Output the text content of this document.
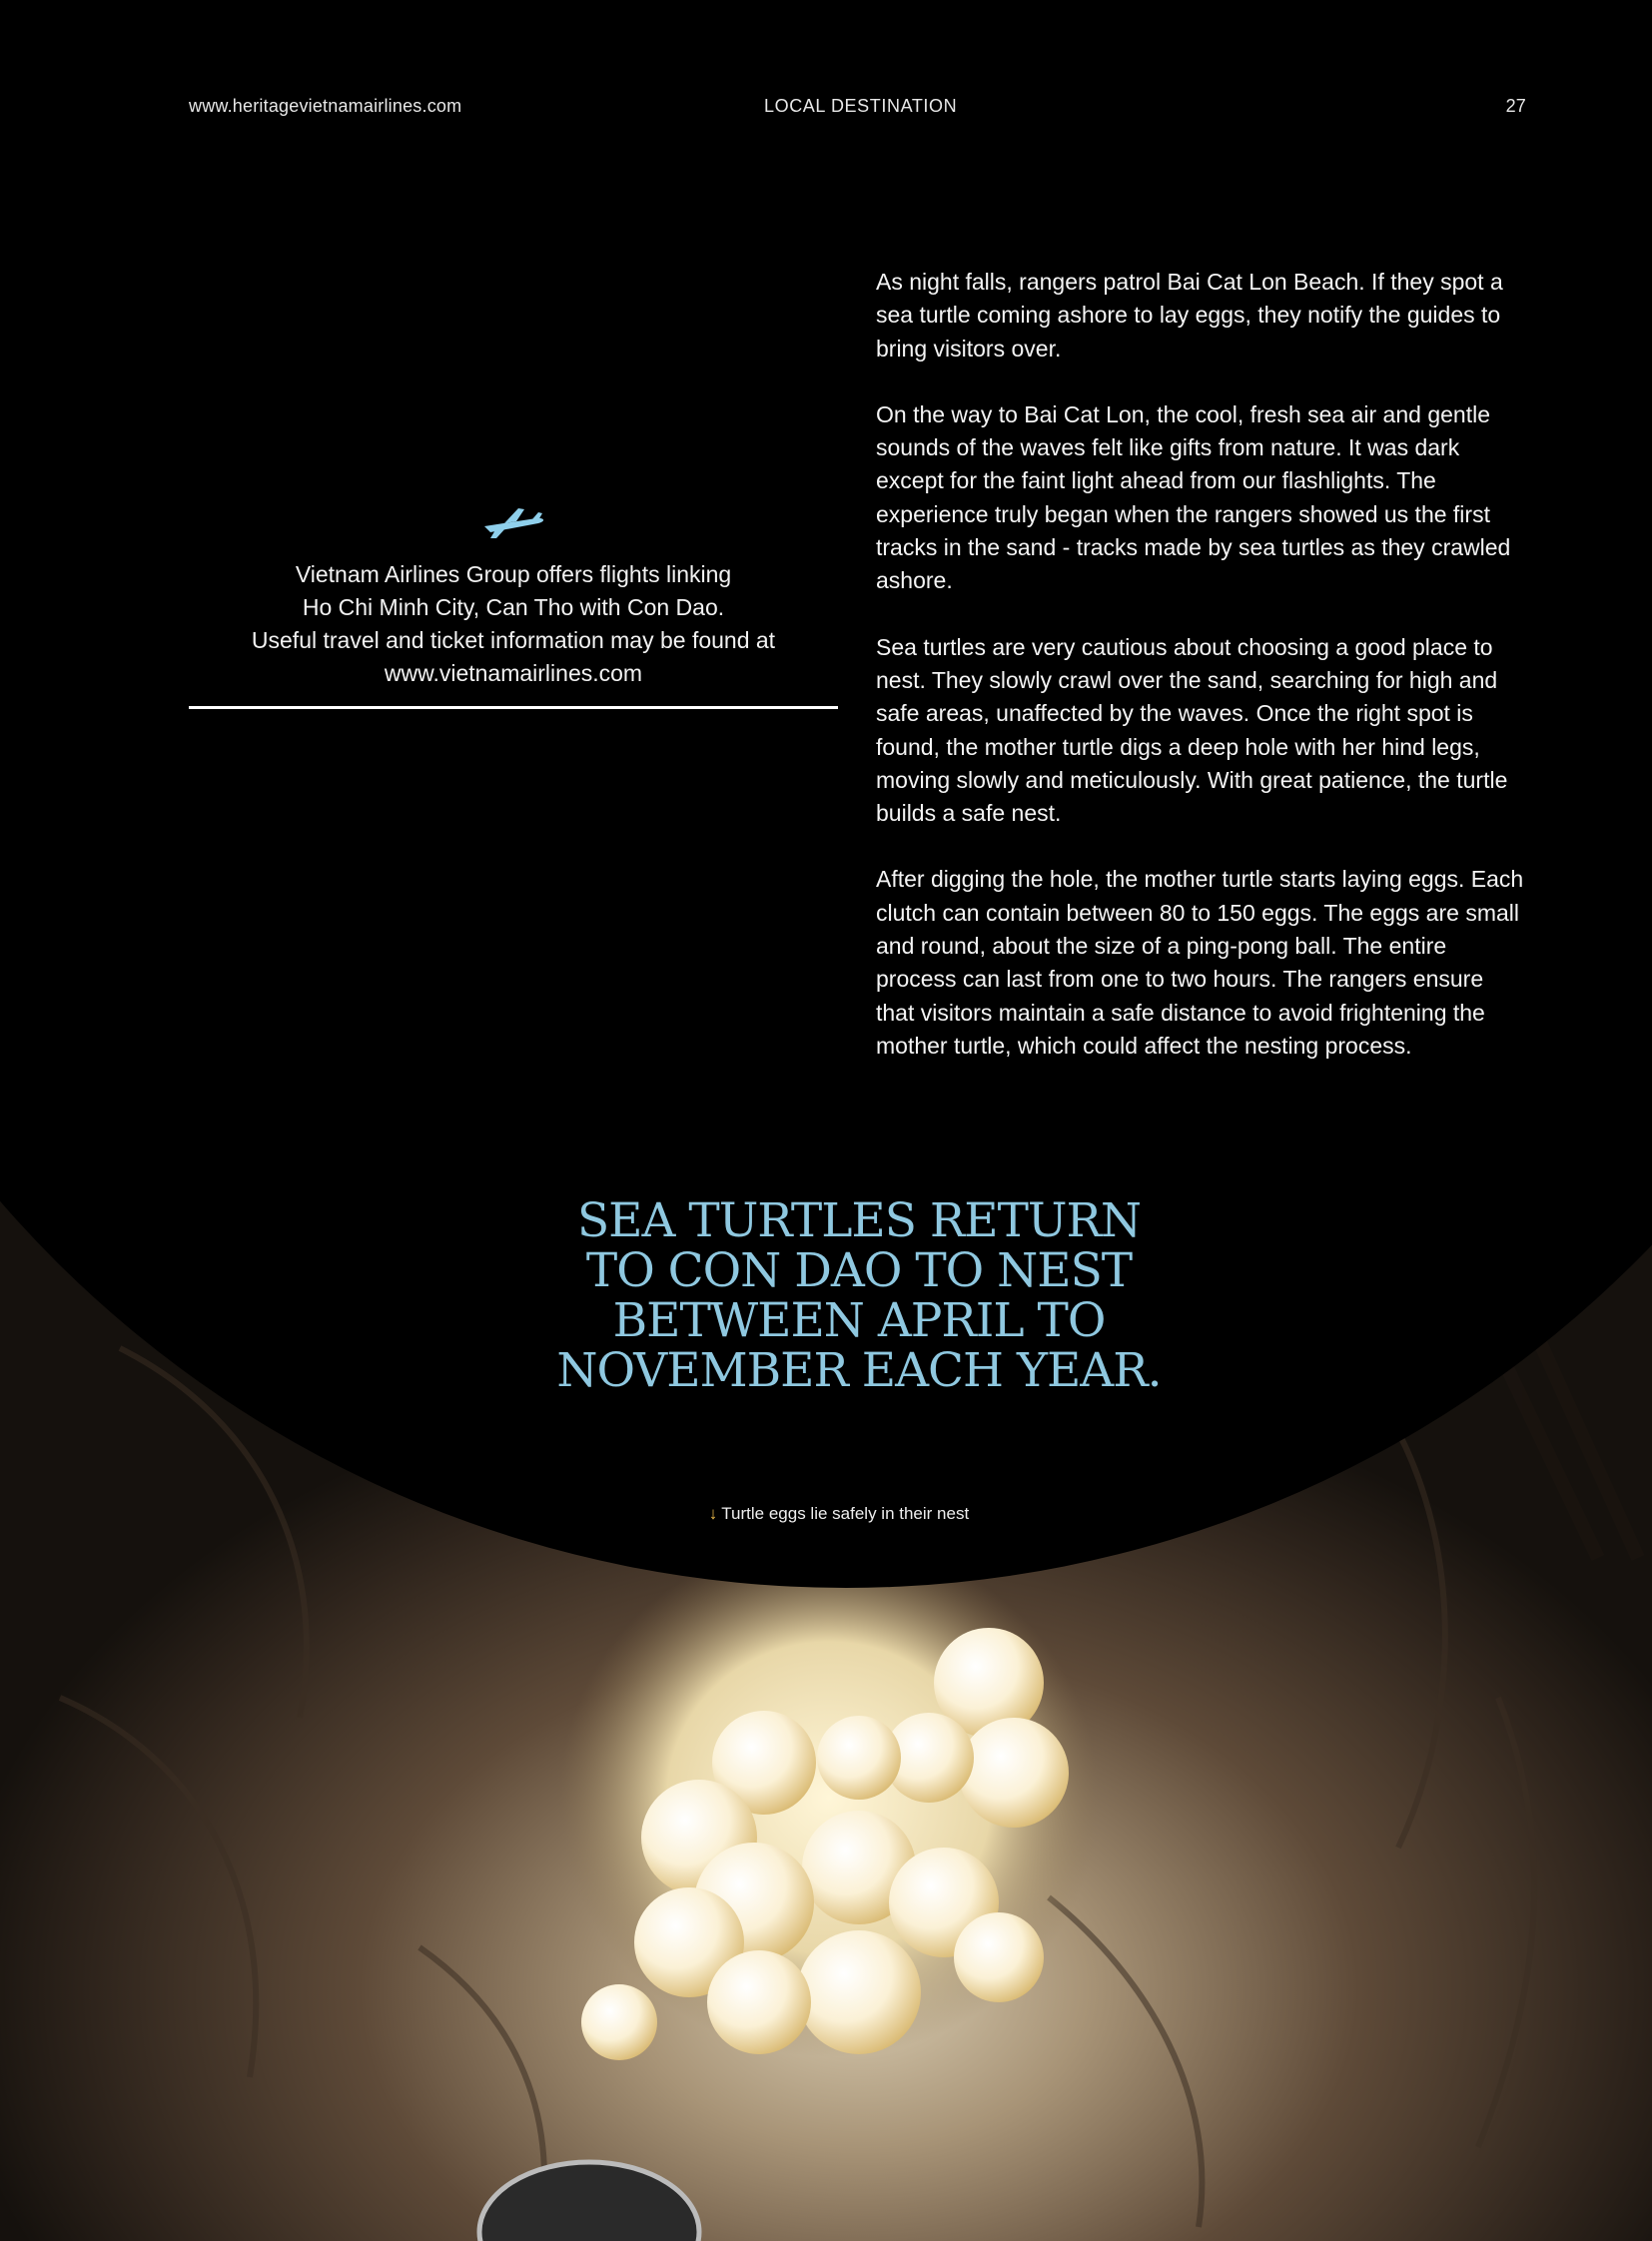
www.heritagevietnamairlines.com	LOCAL DESTINATION	27
Vietnam Airlines Group offers flights linking
Ho Chi Minh City, Can Tho with Con Dao.
Useful travel and ticket information may be found at
www.vietnamairlines.com

As night falls, rangers patrol Bai Cat Lon Beach. If they spot a sea turtle coming ashore to lay eggs, they notify the guides to bring visitors over.

On the way to Bai Cat Lon, the cool, fresh sea air and gentle sounds of the waves felt like gifts from nature. It was dark except for the faint light ahead from our flashlights. The experience truly began when the rangers showed us the first tracks in the sand - tracks made by sea turtles as they crawled ashore.

Sea turtles are very cautious about choosing a good place to nest. They slowly crawl over the sand, searching for high and safe areas, unaffected by the waves. Once the right spot is found, the mother turtle digs a deep hole with her hind legs, moving slowly and meticulously. With great patience, the turtle builds a safe nest.

After digging the hole, the mother turtle starts laying eggs. Each clutch can contain between 80 to 150 eggs. The eggs are small and round, about the size of a ping-pong ball. The entire process can last from one to two hours. The rangers ensure that visitors maintain a safe distance to avoid frightening the mother turtle, which could affect the nesting process.

SEA TURTLES RETURN
TO CON DAO TO NEST
BETWEEN APRIL TO
NOVEMBER EACH YEAR.
↓ Turtle eggs lie safely in their nest
